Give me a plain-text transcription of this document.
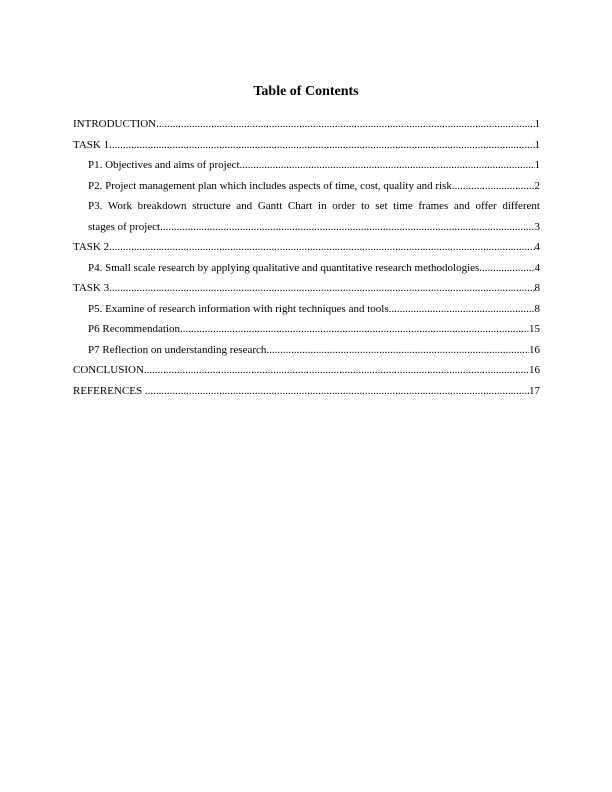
Table of Contents
INTRODUCTION .....	1
TASK 1 .....	1
P1. Objectives and aims of project .....	1
P2. Project management plan which includes aspects of time, cost, quality and risk .....	2
P3. Work breakdown structure and Gantt Chart in order to set time frames and offer different
stages of project .....	3
TASK 2 .....	4
P4. Small scale research by applying qualitative and quantitative research methodologies .....	4
TASK 3 .....	8
P5. Examine of research information with right techniques and tools .....	8
P6 Recommendation .....	15
P7 Reflection on understanding research .....	16
CONCLUSION .....	16
REFERENCES .....	17
